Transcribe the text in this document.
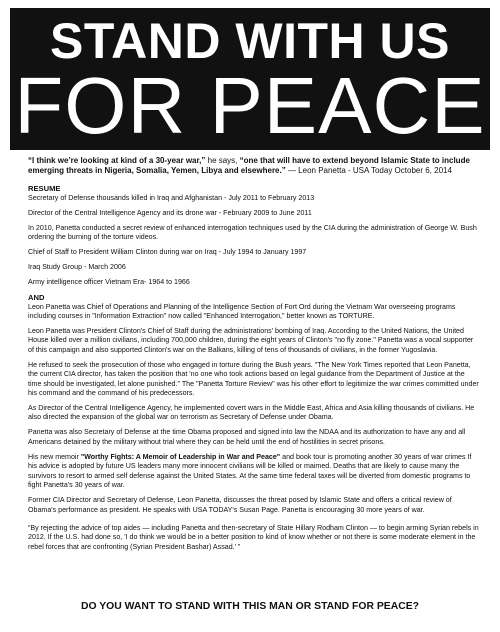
STAND WITH US
FOR PEACE
“I think we’re looking at kind of a 30-year war,” he says, “one that will have to extend beyond Islamic State to include emerging threats in Nigeria, Somalia, Yemen, Libya and elsewhere.” — Leon Panetta - USA Today October 6, 2014
RESUME

Secretary of Defense thousands killed in Iraq and Afghanistan - July 2011 to February 2013

Director of the Central Intelligence Agency and its drone war - February 2009 to June 2011

In 2010, Panetta conducted a secret review of enhanced interrogation techniques used by the CIA during the administration of George W. Bush ordering the burning of the torture videos.

Chief of Staff to President William Clinton during war on Iraq - July 1994 to January 1997

Iraq Study Group - March 2006

Army intelligence officer Vietnam Era- 1964 to 1966

AND

Leon Panetta was Chief of Operations and Planning of the Intelligence Section of Fort Ord during the Vietnam War overseeing programs including courses in "Information Extraction" now called "Enhanced Interrogation," better known as TORTURE.

Leon Panetta was President Clinton's Chief of Staff during the administrations' bombing of Iraq. According to the United Nations, the United House killed over a million civilians, including 700,000 children, during the eight years of Clinton's "no fly zone." Panetta was a vocal supporter of this campaign and also supported Clinton's war on the Balkans, killing of tens of thousands of civilians, in the former Yugoslavia.

He refused to seek the prosecution of those who engaged in torture during the Bush years. "The New York Times reported that Leon Panetta, the current CIA director, has taken the position that 'no one who took actions based on legal guidance from the Department of Justice at the time should be investigated, let alone punished." The "Panetta Torture Review" was his other effort to legitimize the war crimes committed under his command and the command of his predecessors.

As Director of the Central Intelligence Agency, he implemented covert wars in the Middle East, Africa and Asia killing thousands of civilians. He also directed the expansion of the global war on terrorism as Secretary of Defense under Obama.

Panetta was also Secretary of Defense at the time Obama proposed and signed into law the NDAA and its authorization to have any and all Americans detained by the military without trial where they can be held until the end of hostilities in secret prisons.

His new memoir "Worthy Fights: A Memoir of Leadership in War and Peace" and book tour is promoting another 30 years of war crimes If his advice is adopted by future US leaders many more innocent civilians will be killed or maimed. Deaths that are likely to cause many the survivors to resort to armed self defense against the United States. At the same time federal taxes will be diverted from domestic programs to fight Panetta's 30 years of war.

Former CIA Director and Secretary of Defense, Leon Panetta, discusses the threat posed by Islamic State and offers a critical review of Obama's performance as president. He speaks with USA TODAY's Susan Page. Panetta is encouraging 30 more years of war.

“By rejecting the advice of top aides — including Panetta and then-secretary of State Hillary Rodham Clinton — to begin arming Syrian rebels in 2012. If the U.S. had done so, 'I do think we would be in a better position to kind of know whether or not there is some moderate element in the rebel forces that are confronting (Syrian President Bashar) Assad.' ”

DO YOU WANT TO STAND WITH THIS MAN OR STAND FOR PEACE?
